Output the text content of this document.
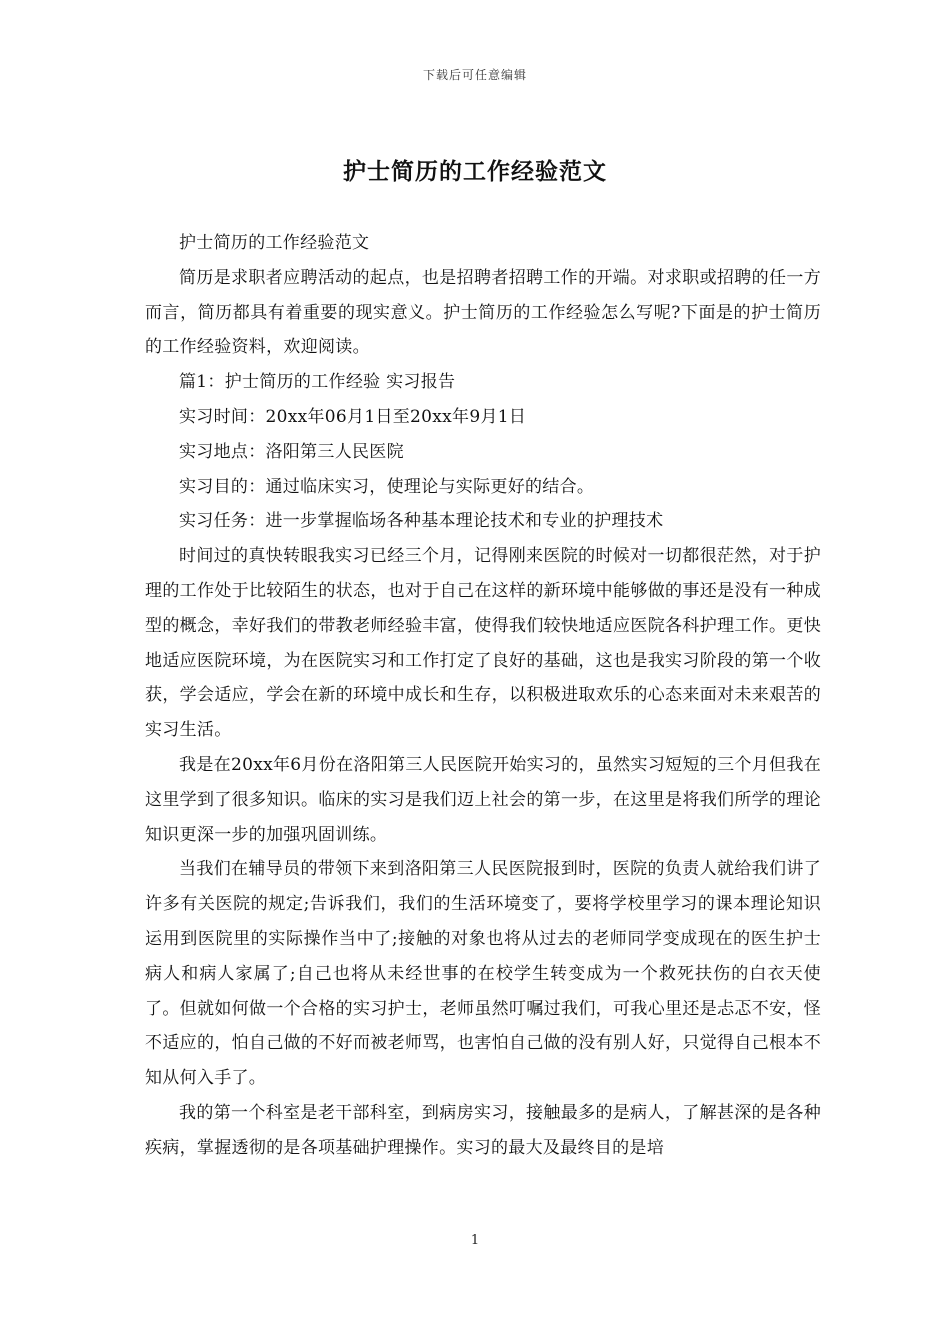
下载后可任意编辑
护士简历的工作经验范文

护士简历的工作经验范文

简历是求职者应聘活动的起点，也是招聘者招聘工作的开端。对求职或招聘的任一方而言，简历都具有着重要的现实意义。护士简历的工作经验怎么写呢?下面是的护士简历的工作经验资料，欢迎阅读。

篇1：护士简历的工作经验 实习报告

实习时间：20xx年06月1日至20xx年9月1日

实习地点：洛阳第三人民医院

实习目的：通过临床实习，使理论与实际更好的结合。

实习任务：进一步掌握临场各种基本理论技术和专业的护理技术

时间过的真快转眼我实习已经三个月，记得刚来医院的时候对一切都很茫然，对于护理的工作处于比较陌生的状态，也对于自己在这样的新环境中能够做的事还是没有一种成型的概念，幸好我们的带教老师经验丰富，使得我们较快地适应医院各科护理工作。更快地适应医院环境，为在医院实习和工作打定了良好的基础，这也是我实习阶段的第一个收获，学会适应，学会在新的环境中成长和生存，以积极进取欢乐的心态来面对未来艰苦的实习生活。

我是在20xx年6月份在洛阳第三人民医院开始实习的，虽然实习短短的三个月但我在这里学到了很多知识。临床的实习是我们迈上社会的第一步，在这里是将我们所学的理论知识更深一步的加强巩固训练。

当我们在辅导员的带领下来到洛阳第三人民医院报到时，医院的负责人就给我们讲了许多有关医院的规定;告诉我们，我们的生活环境变了，要将学校里学习的课本理论知识运用到医院里的实际操作当中了;接触的对象也将从过去的老师同学变成现在的医生护士病人和病人家属了;自己也将从未经世事的在校学生转变成为一个救死扶伤的白衣天使了。但就如何做一个合格的实习护士，老师虽然叮嘱过我们，可我心里还是忐忑不安，怪不适应的，怕自己做的不好而被老师骂，也害怕自己做的没有别人好，只觉得自己根本不知从何入手了。

我的第一个科室是老干部科室，到病房实习，接触最多的是病人，了解甚深的是各种疾病，掌握透彻的是各项基础护理操作。实习的最大及最终目的是培

1
